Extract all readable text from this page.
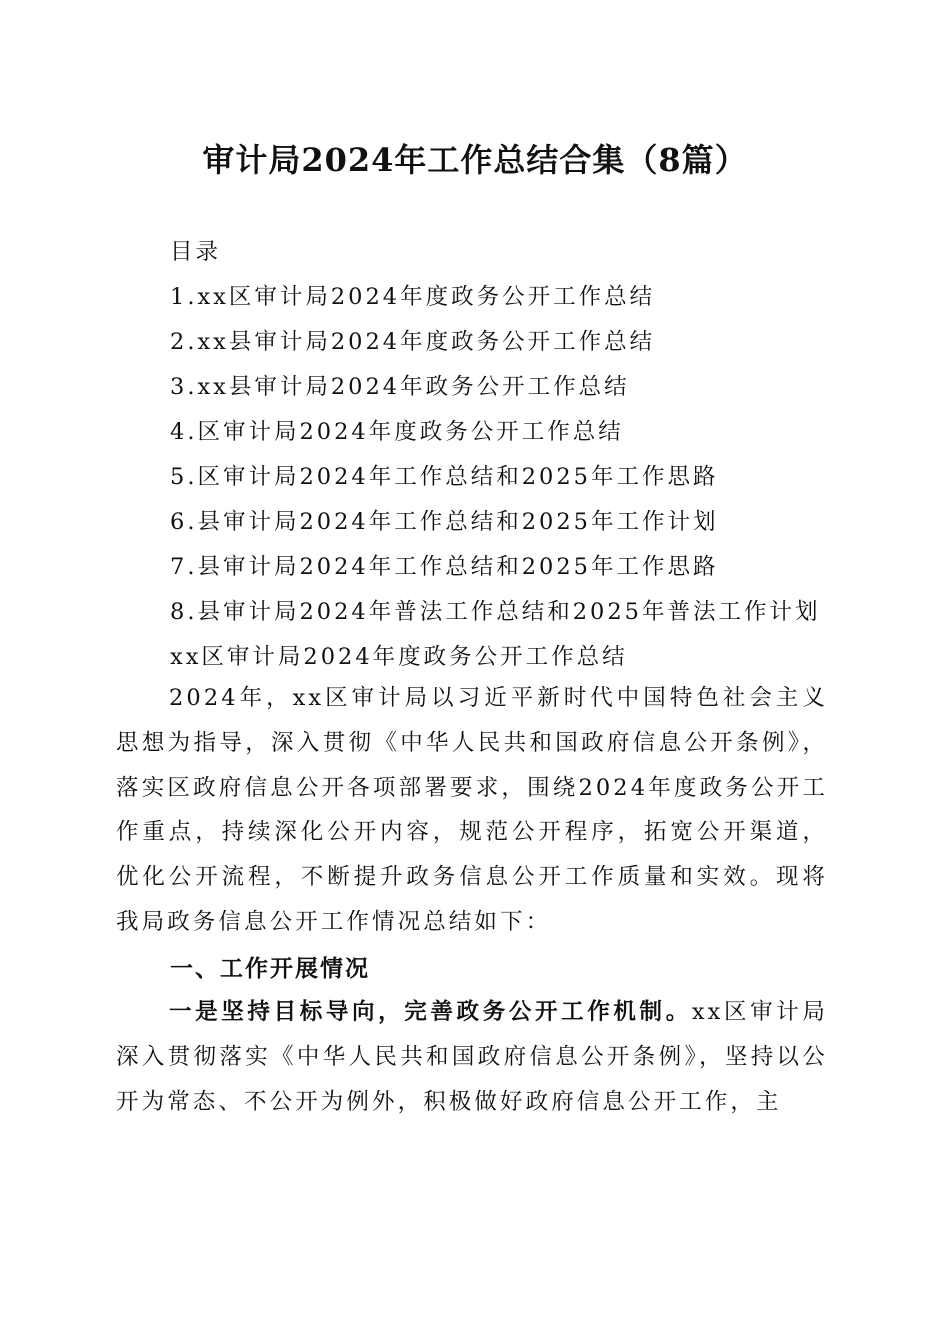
审计局2024年工作总结合集（8篇）
目录
1.xx区审计局2024年度政务公开工作总结
2.xx县审计局2024年度政务公开工作总结
3.xx县审计局2024年政务公开工作总结
4.区审计局2024年度政务公开工作总结
5.区审计局2024年工作总结和2025年工作思路
6.县审计局2024年工作总结和2025年工作计划
7.县审计局2024年工作总结和2025年工作思路
8.县审计局2024年普法工作总结和2025年普法工作计划
xx区审计局2024年度政务公开工作总结
2024年，xx区审计局以习近平新时代中国特色社会主义思想为指导，深入贯彻《中华人民共和国政府信息公开条例》，落实区政府信息公开各项部署要求，围绕2024年度政务公开工作重点，持续深化公开内容，规范公开程序，拓宽公开渠道，优化公开流程，不断提升政务信息公开工作质量和实效。现将我局政务信息公开工作情况总结如下：
一、工作开展情况
一是坚持目标导向，完善政务公开工作机制。xx区审计局深入贯彻落实《中华人民共和国政府信息公开条例》，坚持以公开为常态、不公开为例外，积极做好政府信息公开工作，主
